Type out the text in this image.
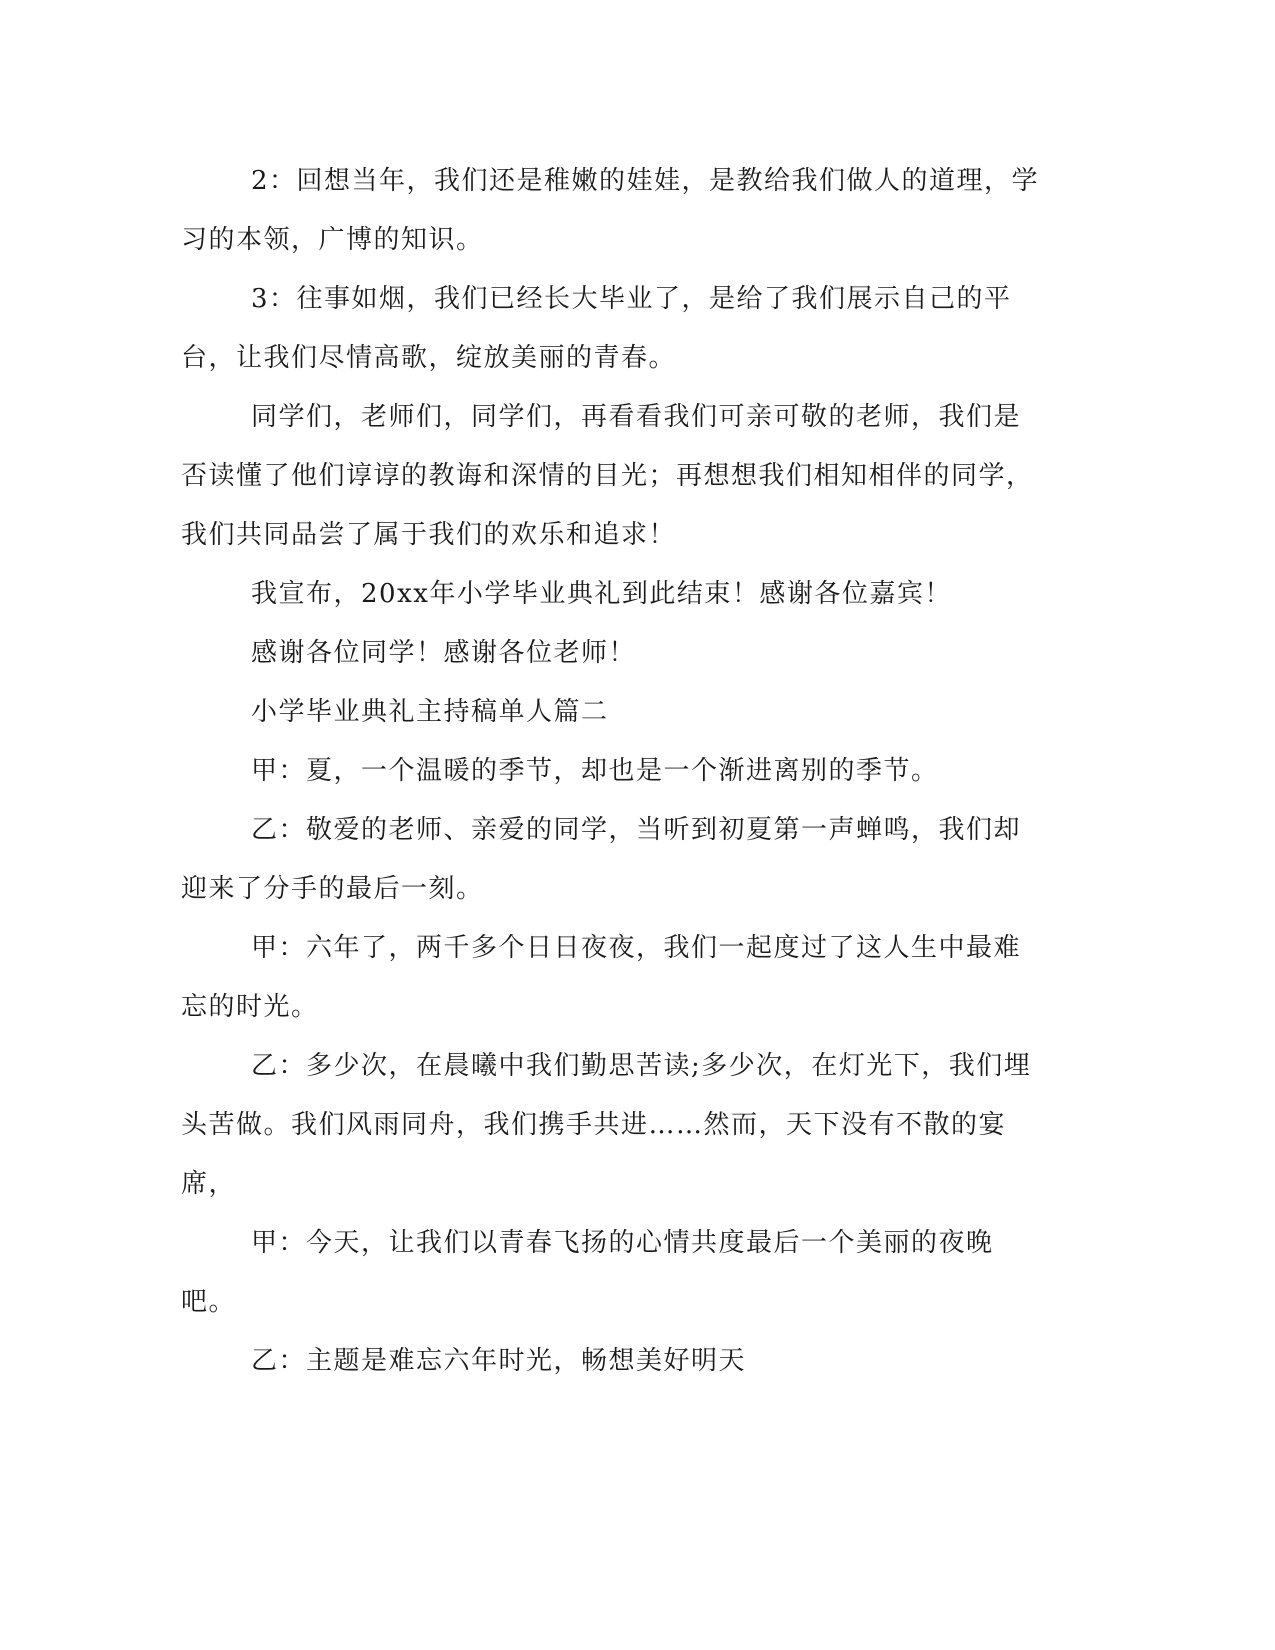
2：回想当年，我们还是稚嫩的娃娃，是教给我们做人的道理，学习的本领，广博的知识。

3：往事如烟，我们已经长大毕业了，是给了我们展示自己的平台，让我们尽情高歌，绽放美丽的青春。

同学们，老师们，同学们，再看看我们可亲可敬的老师，我们是否读懂了他们谆谆的教诲和深情的目光；再想想我们相知相伴的同学，我们共同品尝了属于我们的欢乐和追求！

我宣布，20xx年小学毕业典礼到此结束！感谢各位嘉宾！

感谢各位同学！感谢各位老师！

小学毕业典礼主持稿单人篇二

甲：夏，一个温暖的季节，却也是一个渐进离别的季节。

乙：敬爱的老师、亲爱的同学，当听到初夏第一声蝉鸣，我们却迎来了分手的最后一刻。

甲：六年了，两千多个日日夜夜，我们一起度过了这人生中最难忘的时光。

乙：多少次，在晨曦中我们勤思苦读;多少次，在灯光下，我们埋头苦做。我们风雨同舟，我们携手共进……然而，天下没有不散的宴席，

甲：今天，让我们以青春飞扬的心情共度最后一个美丽的夜晚吧。

乙：主题是难忘六年时光，畅想美好明天
